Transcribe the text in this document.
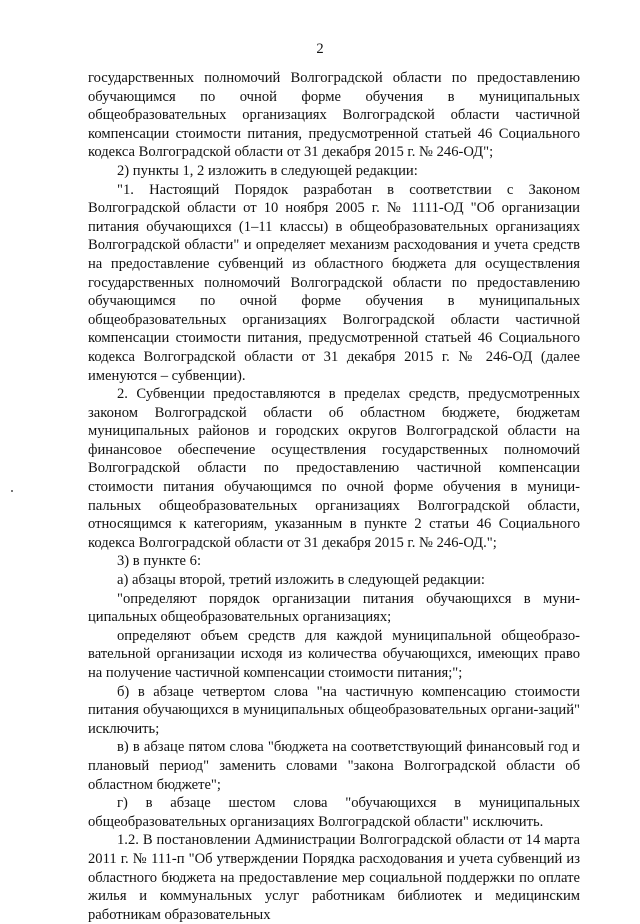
2

государственных полномочий Волгоградской области по предоставлению обучающимся по очной форме обучения в муниципальных общеобразовательных организациях Волгоградской области частичной компенсации стоимости питания, предусмотренной статьей 46 Социального кодекса Волгоградской области от 31 декабря 2015 г. № 246-ОД";

2) пункты 1, 2 изложить в следующей редакции:

"1. Настоящий Порядок разработан в соответствии с Законом Волгоградской области от 10 ноября 2005 г. № 1111-ОД "Об организации питания обучающихся (1–11 классы) в общеобразовательных организациях Волгоградской области" и определяет механизм расходования и учета средств на предоставление субвенций из областного бюджета для осуществления государственных полномочий Волгоградской области по предоставлению обучающимся по очной форме обучения в муниципальных общеобразовательных организациях Волгоградской области частичной компенсации стоимости питания, предусмотренной статьей 46 Социального кодекса Волгоградской области от 31 декабря 2015 г. № 246-ОД (далее именуются – субвенции).

2. Субвенции предоставляются в пределах средств, предусмотренных законом Волгоградской области об областном бюджете, бюджетам муниципальных районов и городских округов Волгоградской области на финансовое обеспечение осуществления государственных полномочий Волгоградской области по предоставлению частичной компенсации стоимости питания обучающимся по очной форме обучения в муници-пальных общеобразовательных организациях Волгоградской области, относящимся к категориям, указанным в пункте 2 статьи 46 Социального кодекса Волгоградской области от 31 декабря 2015 г. № 246-ОД.";

3) в пункте 6:

а) абзацы второй, третий изложить в следующей редакции:

"определяют порядок организации питания обучающихся в муни-ципальных общеобразовательных организациях;

определяют объем средств для каждой муниципальной общеобразо-вательной организации исходя из количества обучающихся, имеющих право на получение частичной компенсации стоимости питания;";

б) в абзаце четвертом слова "на частичную компенсацию стоимости питания обучающихся в муниципальных общеобразовательных органи-заций" исключить;

в) в абзаце пятом слова "бюджета на соответствующий финансовый год и плановый период" заменить словами "закона Волгоградской области об областном бюджете";

г) в абзаце шестом слова "обучающихся в муниципальных общеобразовательных организациях Волгоградской области" исключить.

1.2. В постановлении Администрации Волгоградской области от 14 марта 2011 г. № 111-п "Об утверждении Порядка расходования и учета субвенций из областного бюджета на предоставление мер социальной поддержки по оплате жилья и коммунальных услуг работникам библиотек и медицинским работникам образовательных
